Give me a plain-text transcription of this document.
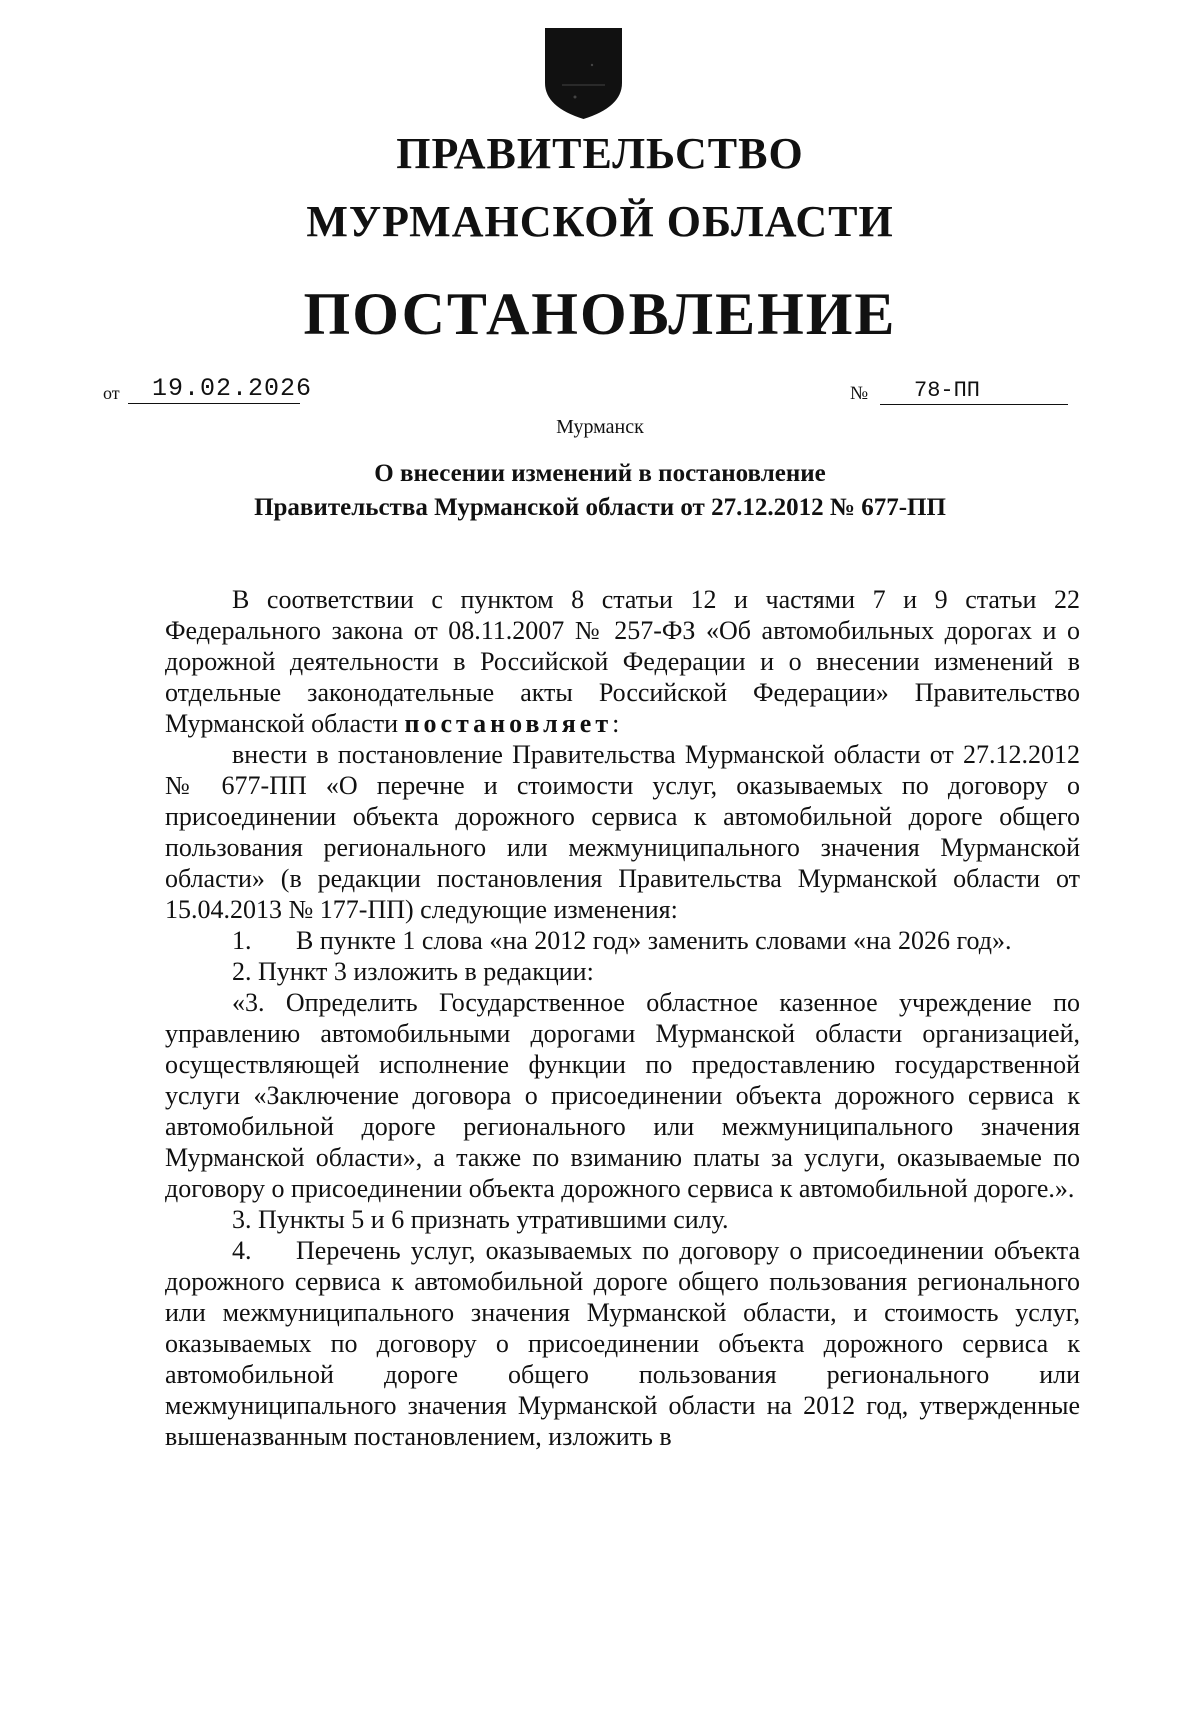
ПРАВИТЕЛЬСТВО
МУРМАНСКОЙ ОБЛАСТИ
ПОСТАНОВЛЕНИЕ
от	19.02.2026	№	78-ПП
Мурманск
О внесении изменений в постановление
Правительства Мурманской области от 27.12.2012 № 677-ПП

В соответствии с пунктом 8 статьи 12 и частями 7 и 9 статьи 22 Федерального закона от 08.11.2007 № 257-ФЗ «Об автомобильных дорогах и о дорожной деятельности в Российской Федерации и о внесении изменений в отдельные законодательные акты Российской Федерации» Правительство Мурманской области постановляет:

внести в постановление Правительства Мурманской области от 27.12.2012 № 677-ПП «О перечне и стоимости услуг, оказываемых по договору о присоединении объекта дорожного сервиса к автомобильной дороге общего пользования регионального или межмуниципального значения Мурманской области» (в редакции постановления Правительства Мурманской области от 15.04.2013 № 177-ПП) следующие изменения:

1. В пункте 1 слова «на 2012 год» заменить словами «на 2026 год».

2. Пункт 3 изложить в редакции:

«3. Определить Государственное областное казенное учреждение по управлению автомобильными дорогами Мурманской области организацией, осуществляющей исполнение функции по предоставлению государственной услуги «Заключение договора о присоединении объекта дорожного сервиса к автомобильной дороге регионального или межмуниципального значения Мурманской области», а также по взиманию платы за услуги, оказываемые по договору о присоединении объекта дорожного сервиса к автомобильной дороге.».

3. Пункты 5 и 6 признать утратившими силу.

4. Перечень услуг, оказываемых по договору о присоединении объекта дорожного сервиса к автомобильной дороге общего пользования регионального или межмуниципального значения Мурманской области, и стоимость услуг, оказываемых по договору о присоединении объекта дорожного сервиса к автомобильной дороге общего пользования регионального или межмуниципального значения Мурманской области на 2012 год, утвержденные вышеназванным постановлением, изложить в
